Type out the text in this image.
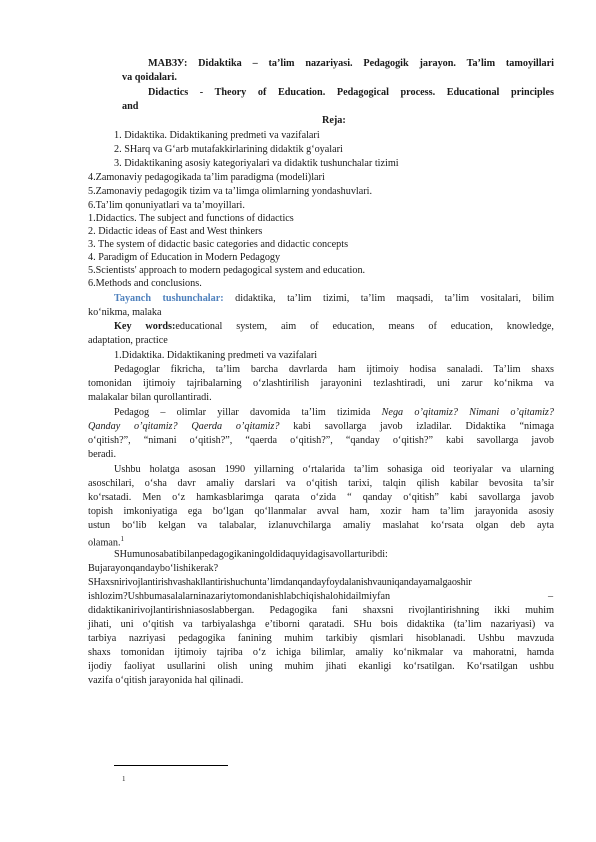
МАВЗУ: Didaktika – ta’lim nazariyasi. Pedagogik jarayon. Ta’lim tamoyillari
va qoidalari.
Didactics - Theory of Education. Pedagogical process. Educational principles
and
Reja:
1. Didaktika. Didaktikaning predmeti va vazifalari
2. SHarq va G‘arb mutafakkirlarining didaktik g‘oyalari
3. Didaktikaning asosiy kategoriyalari va didaktik tushunchalar tizimi
4.Zamonaviy pedagogikada ta’lim paradigma (modeli)lari
5.Zamonaviy pedagogik tizim va ta’limga olimlarning yondashuvlari.
6.Ta’lim qonuniyatlari va ta’moyillari.
1.Didactics. The subject and functions of didactics
2. Didactic ideas of East and West thinkers
3. The system of didactic basic categories and didactic concepts
4. Paradigm of Education in Modern Pedagogy
5.Scientists' approach to modern pedagogical system and education.
6.Methods and conclusions.
Tayanch tushunchalar: didaktika, ta’lim tizimi, ta’lim maqsadi, ta’lim vositalari, bilim
ko‘nikma, malaka
Key words:educational system, aim of education, means of education, knowledge,
adaptation, practice
1.Didaktika. Didaktikaning predmeti va vazifalari
Pedagoglar fikricha, ta’lim barcha davrlarda ham ijtimoiy hodisa sanaladi. Ta’lim shaxs
tomonidan ijtimoiy tajribalarning o‘zlashtirilish jarayonini tezlashtiradi, uni zarur ko‘nikma va
malakalar bilan qurollantiradi.
Pedagog – olimlar yillar davomida ta’lim tizimida Nega o’qitamiz? Nimani o’qitamiz?
Qanday o’qitamiz? Qaerda o’qitamiz? kabi savollarga javob izladilar. Didaktika “nimaga
o‘qitish?”, “nimani o‘qitish?”, “qaerda o‘qitish?”, “qanday o‘qitish?” kabi savollarga javob
beradi.
Ushbu holatga asosan 1990 yillarning o‘rtalarida ta’lim sohasiga oid teoriyalar va ularning
asoschilari, o‘sha davr amaliy darslari va o‘qitish tarixi, talqin qilish kabilar bevosita ta’sir
ko‘rsatadi. Men o‘z hamkasblarimga qarata o‘zida “ qanday o‘qitish” kabi savollarga javob
topish imkoniyatiga ega bo‘lgan qo‘llanmalar avval ham, xozir ham ta’lim jarayonida asosiy
ustun bo‘lib kelgan va talabalar, izlanuvchilarga amaliy maslahat ko‘rsata olgan deb ayta
olaman.$^1$
SHumunosabatibilanpedagogikaningoldidaquyidagisavollarturibdi:
Bujarayonqandaybo‘lishikerak?
SHaxsnirivojlantirishvashakllantirishuchunta’limdanqandayfoydalanishvauniqandayamalgaoshir
ishlozim?Ushbumasalalarninazariytomondanishlabchiqishalohidailmiyfan	–
didaktikanirivojlantirishniasoslabbergan. Pedagogika fani shaxsni rivojlantirishning ikki muhim
jihati, uni o‘qitish va tarbiyalashga e’tiborni qaratadi. SHu bois didaktika (ta’lim nazariyasi) va
tarbiya nazriyasi pedagogika fanining muhim tarkibiy qismlari hisoblanadi. Ushbu mavzuda
shaxs tomonidan ijtimoiy tajriba o‘z ichiga bilimlar, amaliy ko‘nikmalar va mahoratni, hamda
ijodiy faoliyat usullarini olish uning muhim jihati ekanligi ko‘rsatilgan. Ko‘rsatilgan ushbu
vazifa o‘qitish jarayonida hal qilinadi.
1
